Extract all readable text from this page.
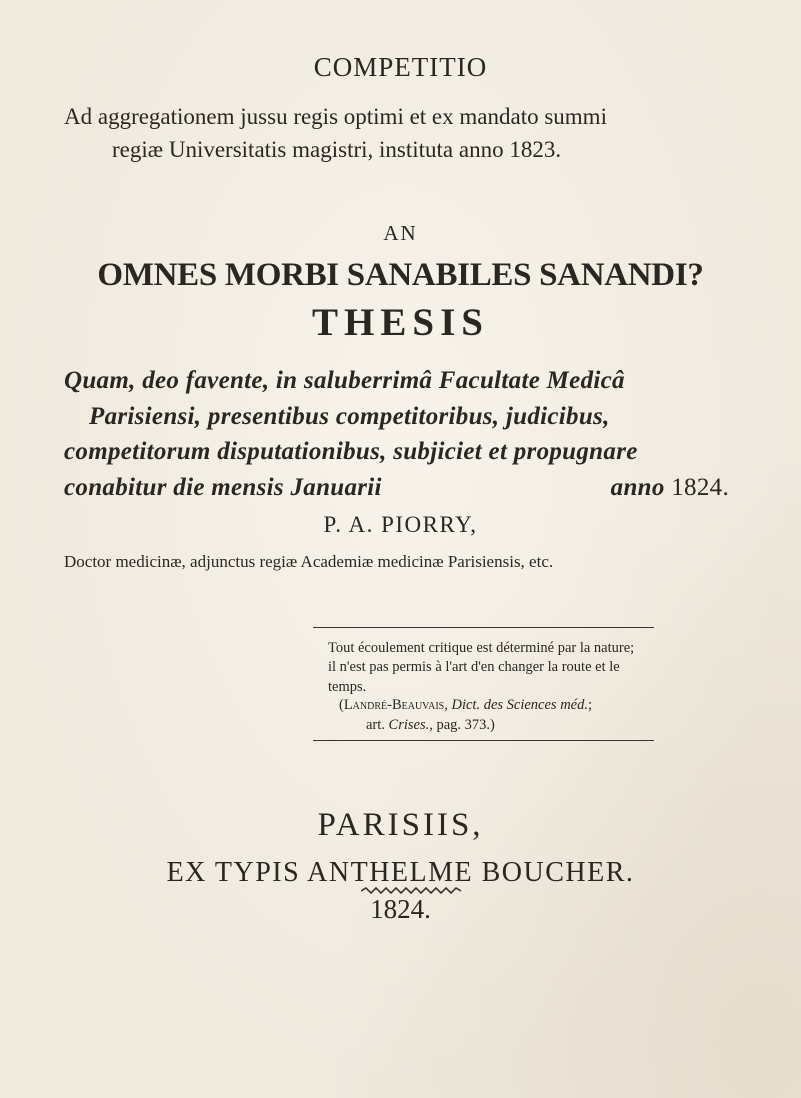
COMPETITIO
Ad aggregationem jussu regis optimi et ex mandato summi
regiæ Universitatis magistri, instituta anno 1823.
AN
OMNES MORBI SANABILES SANANDI?
THESIS
Quam, deo favente, in saluberrimâ Facultate Medicâ
Parisiensi, presentibus competitoribus, judicibus,
competitorum disputationibus, subjiciet et propugnare
conabitur die mensis Januarii	anno 1824.
P. A. PIORRY,
Doctor medicinæ, adjunctus regiæ Academiæ medicinæ Parisiensis, etc.
Tout écoulement critique est déterminé par la nature;
il n'est pas permis à l'art d'en changer la route et le
temps.
(Landré-Beauvais, Dict. des Sciences méd.;
art. Crises., pag. 373.)
PARISIIS,
EX TYPIS ANTHELME BOUCHER.
1824.
